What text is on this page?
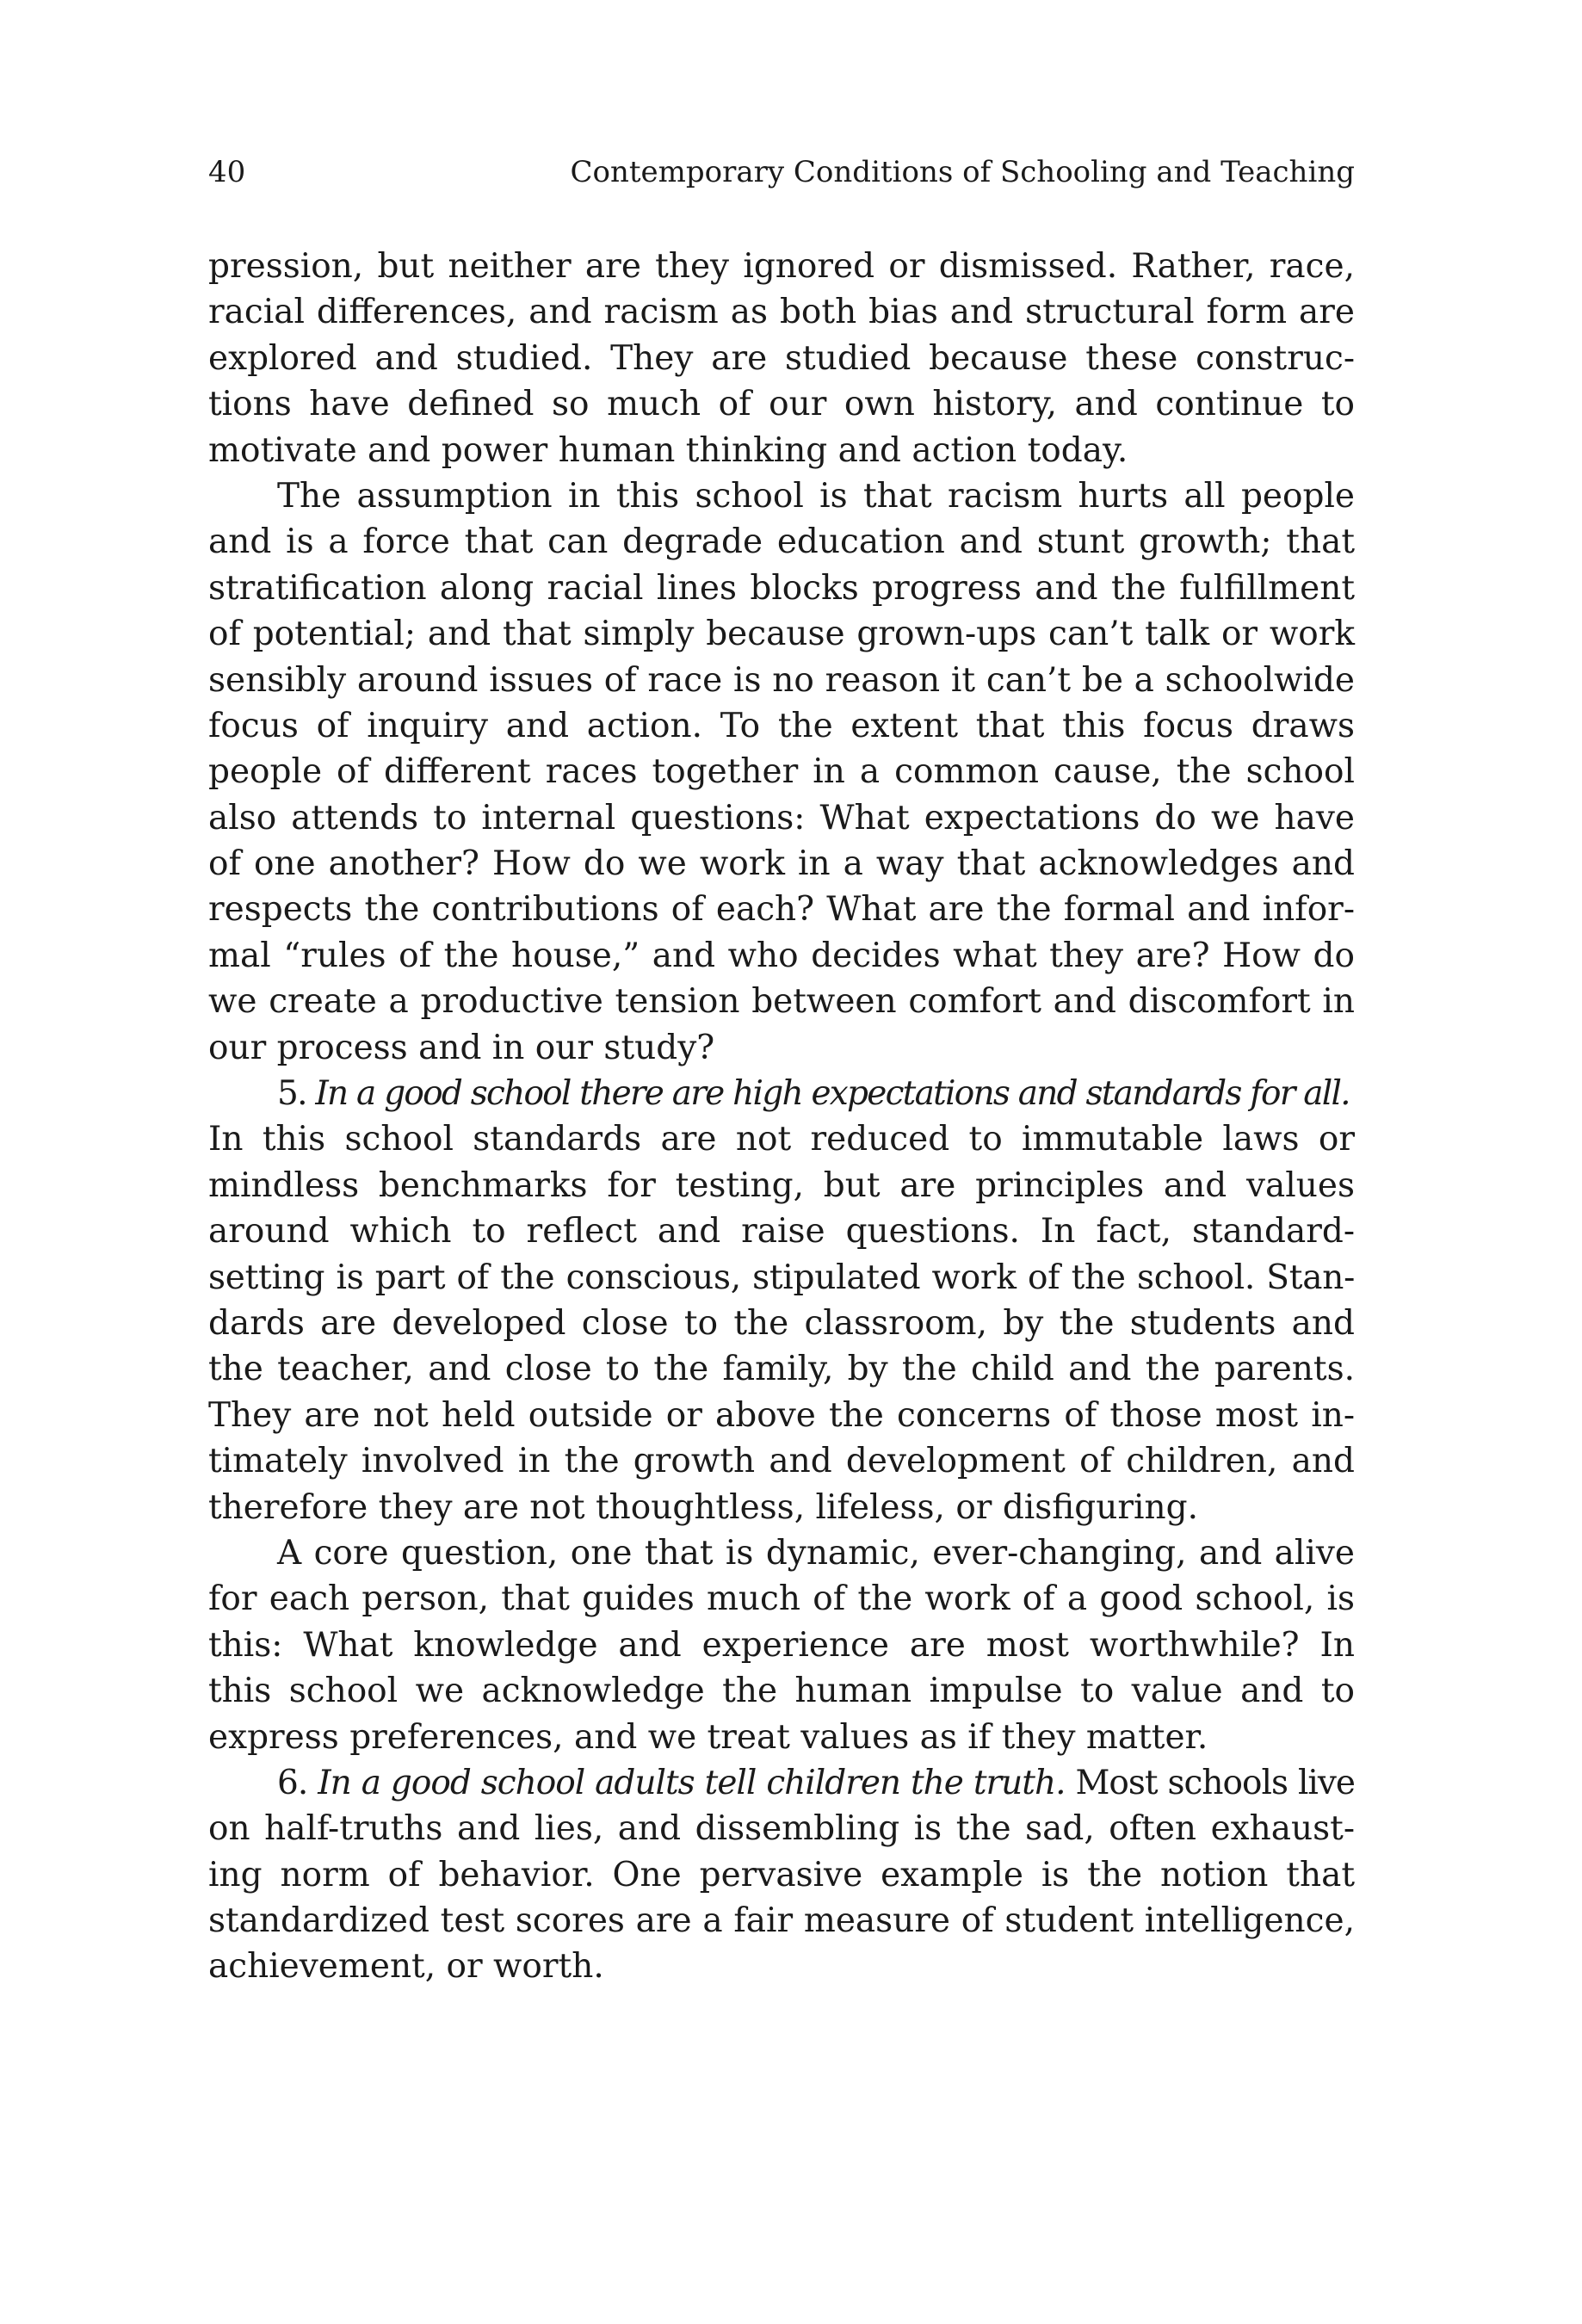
40	Contemporary Conditions of Schooling and Teaching

pression, but neither are they ignored or dismissed. Rather, race,
racial differences, and racism as both bias and structural form are
explored and studied. They are studied because these construc-
tions have defined so much of our own history, and continue to
motivate and power human thinking and action today.

The assumption in this school is that racism hurts all people
and is a force that can degrade education and stunt growth; that
stratification along racial lines blocks progress and the fulfillment
of potential; and that simply because grown-ups can’t talk or work
sensibly around issues of race is no reason it can’t be a schoolwide
focus of inquiry and action. To the extent that this focus draws
people of different races together in a common cause, the school
also attends to internal questions: What expectations do we have
of one another? How do we work in a way that acknowledges and
respects the contributions of each? What are the formal and infor-
mal “rules of the house,” and who decides what they are? How do
we create a productive tension between comfort and discomfort in
our process and in our study?

5. In a good school there are high expectations and standards for all.
In this school standards are not reduced to immutable laws or
mindless benchmarks for testing, but are principles and values
around which to reflect and raise questions. In fact, standard-
setting is part of the conscious, stipulated work of the school. Stan-
dards are developed close to the classroom, by the students and
the teacher, and close to the family, by the child and the parents.
They are not held outside or above the concerns of those most in-
timately involved in the growth and development of children, and
therefore they are not thoughtless, lifeless, or disfiguring.

A core question, one that is dynamic, ever-changing, and alive
for each person, that guides much of the work of a good school, is
this: What knowledge and experience are most worthwhile? In
this school we acknowledge the human impulse to value and to
express preferences, and we treat values as if they matter.

6. In a good school adults tell children the truth. Most schools live
on half-truths and lies, and dissembling is the sad, often exhaust-
ing norm of behavior. One pervasive example is the notion that
standardized test scores are a fair measure of student intelligence,
achievement, or worth.
